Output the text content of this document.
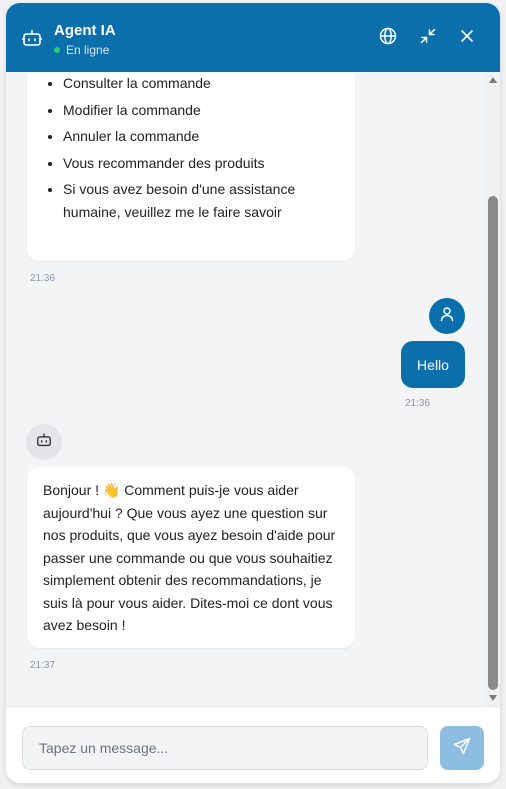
Agent IA
En ligne
• Consulter la commande
• Modifier la commande
• Annuler la commande
• Vous recommander des produits
• Si vous avez besoin d'une assistance humaine, veuillez me le faire savoir
21:36
Hello
21:36
Bonjour ! 👋 Comment puis-je vous aider aujourd'hui ? Que vous ayez une question sur nos produits, que vous ayez besoin d'aide pour passer une commande ou que vous souhaitiez simplement obtenir des recommandations, je suis là pour vous aider. Dites-moi ce dont vous avez besoin !
21:37
Tapez un message...
